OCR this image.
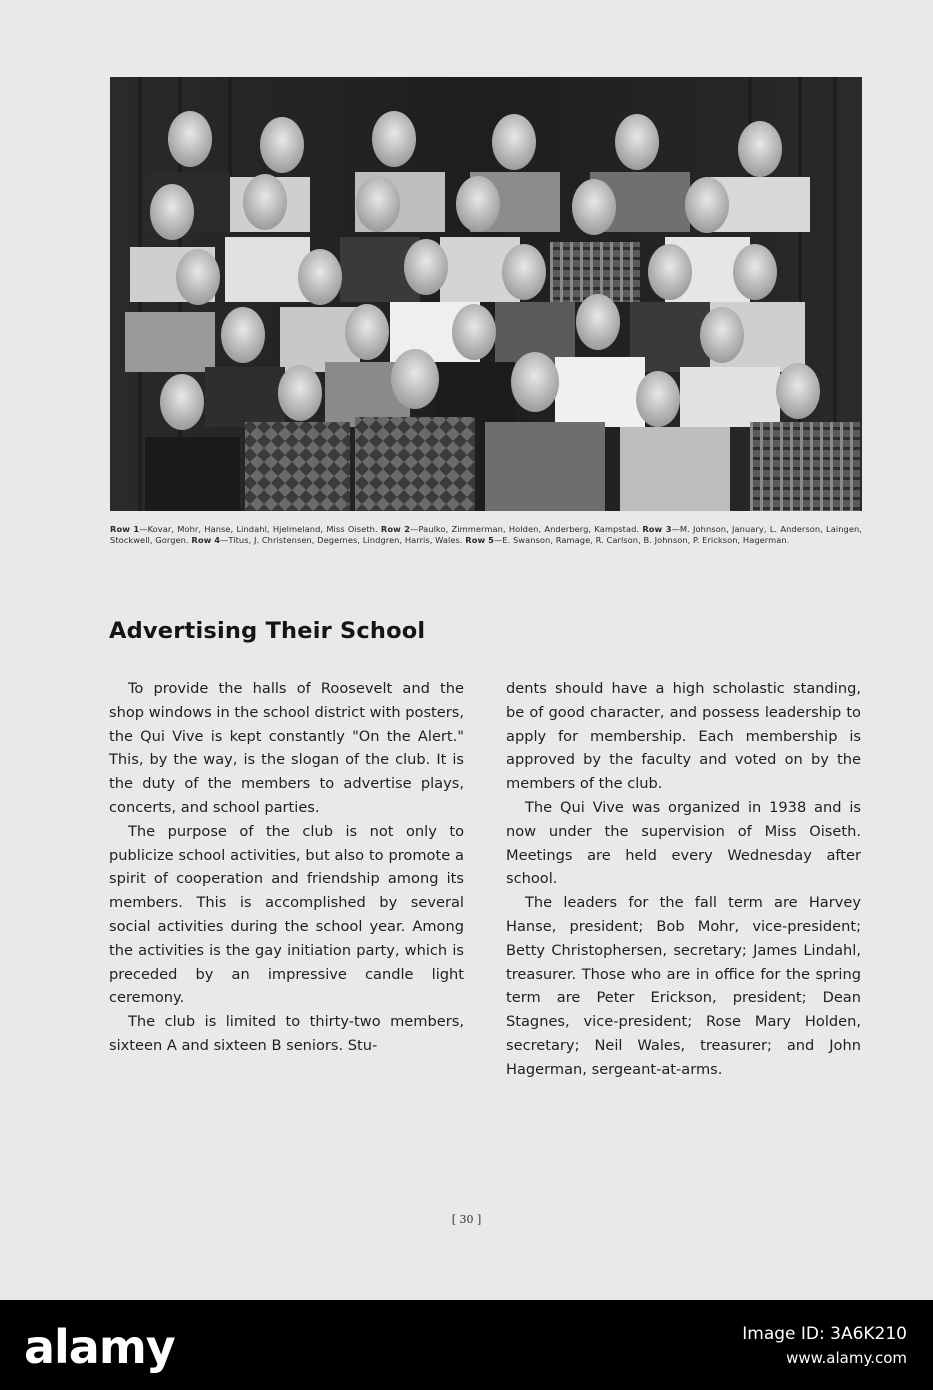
Row 1—Kovar, Mohr, Hanse, Lindahl, Hjelmeland, Miss Oiseth. Row 2—Paulko, Zimmerman, Holden, Anderberg, Kampstad. Row 3—M. Johnson, January, L. Anderson, Laingen, Stockwell, Gorgen. Row 4—Titus, J. Christensen, Degernes, Lindgren, Harris, Wales. Row 5—E. Swanson, Ramage, R. Carlson, B. Johnson, P. Erickson, Hagerman.
Advertising Their School

To provide the halls of Roosevelt and the shop windows in the school district with posters, the Qui Vive is kept constantly "On the Alert." This, by the way, is the slogan of the club. It is the duty of the members to advertise plays, concerts, and school parties.

The purpose of the club is not only to publicize school activities, but also to promote a spirit of cooperation and friendship among its members. This is accomplished by several social activities during the school year. Among the activities is the gay initiation party, which is preceded by an impressive candle light ceremony.

The club is limited to thirty-two members, sixteen A and sixteen B seniors. Stu-

dents should have a high scholastic standing, be of good character, and possess leadership to apply for membership. Each membership is approved by the faculty and voted on by the members of the club.

The Qui Vive was organized in 1938 and is now under the supervision of Miss Oiseth. Meetings are held every Wednesday after school.

The leaders for the fall term are Harvey Hanse, president; Bob Mohr, vice-president; Betty Christophersen, secretary; James Lindahl, treasurer. Those who are in office for the spring term are Peter Erickson, president; Dean Stagnes, vice-president; Rose Mary Holden, secretary; Neil Wales, treasurer; and John Hagerman, sergeant-at-arms.

[ 30 ]
alamy	Image ID: 3A6K210
www.alamy.com
